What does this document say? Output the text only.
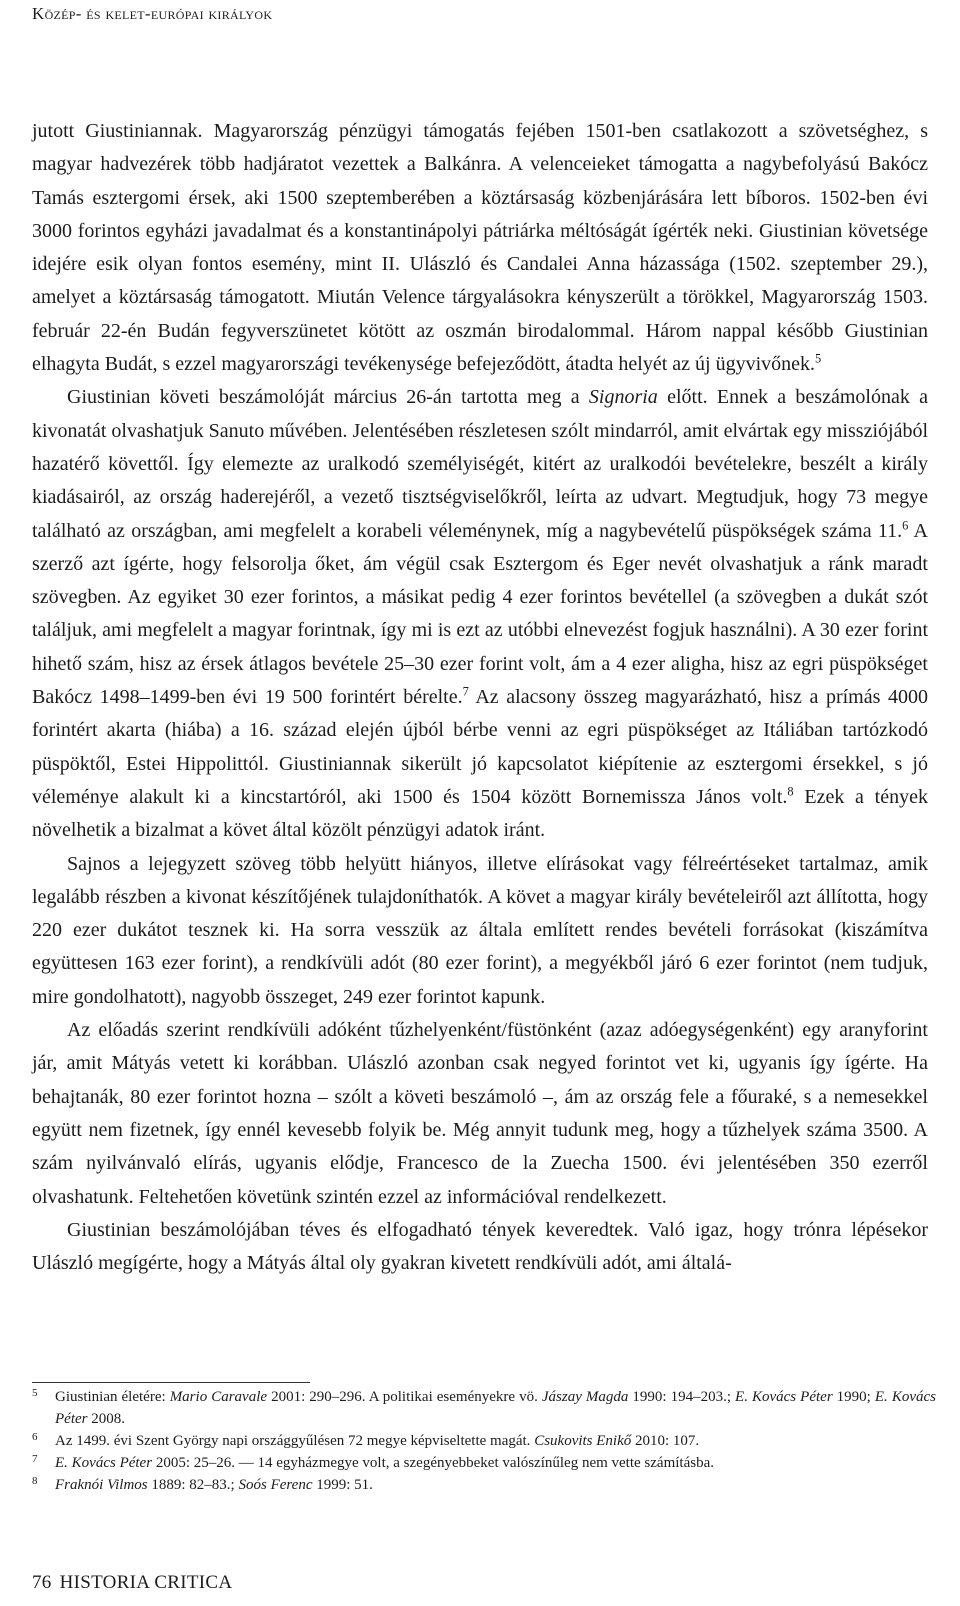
Közép- és kelet-európai királyok

jutott Giustiniannak. Magyarország pénzügyi támogatás fejében 1501-ben csatlakozott a szövetséghez, s magyar hadvezérek több hadjáratot vezettek a Balkánra. A velenceieket támogatta a nagybefolyású Bakócz Tamás esztergomi érsek, aki 1500 szeptemberében a köztársaság közbenjárására lett bíboros. 1502-ben évi 3000 forintos egyházi javadalmat és a konstantinápolyi pátriárka méltóságát ígérték neki. Giustinian követsége idejére esik olyan fontos esemény, mint II. Ulászló és Candalei Anna házassága (1502. szeptember 29.), amelyet a köztársaság támogatott. Miután Velence tárgyalásokra kényszerült a törökkel, Magyarország 1503. február 22-én Budán fegyverszünetet kötött az oszmán birodalommal. Három nappal később Giustinian elhagyta Budát, s ezzel magyarországi tevékenysége befejeződött, átadta helyét az új ügyvivőnek.$^5$

Giustinian követi beszámolóját március 26-án tartotta meg a Signoria előtt. Ennek a beszámolónak a kivonatát olvashatjuk Sanuto művében. Jelentésében részletesen szólt mindarról, amit elvártak egy missziójából hazatérő követtől. Így elemezte az uralkodó személyiségét, kitért az uralkodói bevételekre, beszélt a király kiadásairól, az ország haderejéről, a vezető tisztségviselőkről, leírta az udvart. Megtudjuk, hogy 73 megye található az országban, ami megfelelt a korabeli véleménynek, míg a nagybevételű püspökségek száma 11.$^6$ A szerző azt ígérte, hogy felsorolja őket, ám végül csak Esztergom és Eger nevét olvashatjuk a ránk maradt szövegben. Az egyiket 30 ezer forintos, a másikat pedig 4 ezer forintos bevétellel (a szövegben a dukát szót találjuk, ami megfelelt a magyar forintnak, így mi is ezt az utóbbi elnevezést fogjuk használni). A 30 ezer forint hihető szám, hisz az érsek átlagos bevétele 25–30 ezer forint volt, ám a 4 ezer aligha, hisz az egri püspökséget Bakócz 1498–1499-ben évi 19 500 forintért bérelte.$^7$ Az alacsony összeg magyarázható, hisz a prímás 4000 forintért akarta (hiába) a 16. század elején újból bérbe venni az egri püspökséget az Itáliában tartózkodó püspöktől, Estei Hippolittól. Giustiniannak sikerült jó kapcsolatot kiépítenie az esztergomi érsekkel, s jó véleménye alakult ki a kincstartóról, aki 1500 és 1504 között Bornemissza János volt.$^8$ Ezek a tények növelhetik a bizalmat a követ által közölt pénzügyi adatok iránt.

Sajnos a lejegyzett szöveg több helyütt hiányos, illetve elírásokat vagy félreértéseket tartalmaz, amik legalább részben a kivonat készítőjének tulajdoníthatók. A követ a magyar király bevételeiről azt állította, hogy 220 ezer dukátot tesznek ki. Ha sorra vesszük az általa említett rendes bevételi forrásokat (kiszámítva együttesen 163 ezer forint), a rendkívüli adót (80 ezer forint), a megyékből járó 6 ezer forintot (nem tudjuk, mire gondolhatott), nagyobb összeget, 249 ezer forintot kapunk.

Az előadás szerint rendkívüli adóként tűzhelyenként/füstönként (azaz adóegységenként) egy aranyforint jár, amit Mátyás vetett ki korábban. Ulászló azonban csak negyed forintot vet ki, ugyanis így ígérte. Ha behajtanák, 80 ezer forintot hozna – szólt a követi beszámoló –, ám az ország fele a főuraké, s a nemesekkel együtt nem fizetnek, így ennél kevesebb folyik be. Még annyit tudunk meg, hogy a tűzhelyek száma 3500. A szám nyilvánvaló elírás, ugyanis elődje, Francesco de la Zuecha 1500. évi jelentésében 350 ezerről olvashatunk. Feltehetően követünk szintén ezzel az információval rendelkezett.

Giustinian beszámolójában téves és elfogadható tények keveredtek. Való igaz, hogy trónra lépésekor Ulászló megígérte, hogy a Mátyás által oly gyakran kivetett rendkívüli adót, ami általá-

5 Giustinian életére: Mario Caravale 2001: 290–296. A politikai eseményekre vö. Jászay Magda 1990: 194–203.; E. Kovács Péter 1990; E. Kovács Péter 2008.

6 Az 1499. évi Szent György napi országgyűlésen 72 megye képviseltette magát. Csukovits Enikő 2010: 107.

7 E. Kovács Péter 2005: 25–26. — 14 egyházmegye volt, a szegényebbeket valószínűleg nem vette számításba.

8 Fraknói Vilmos 1889: 82–83.; Soós Ferenc 1999: 51.

76 HISTORIA CRITICA
